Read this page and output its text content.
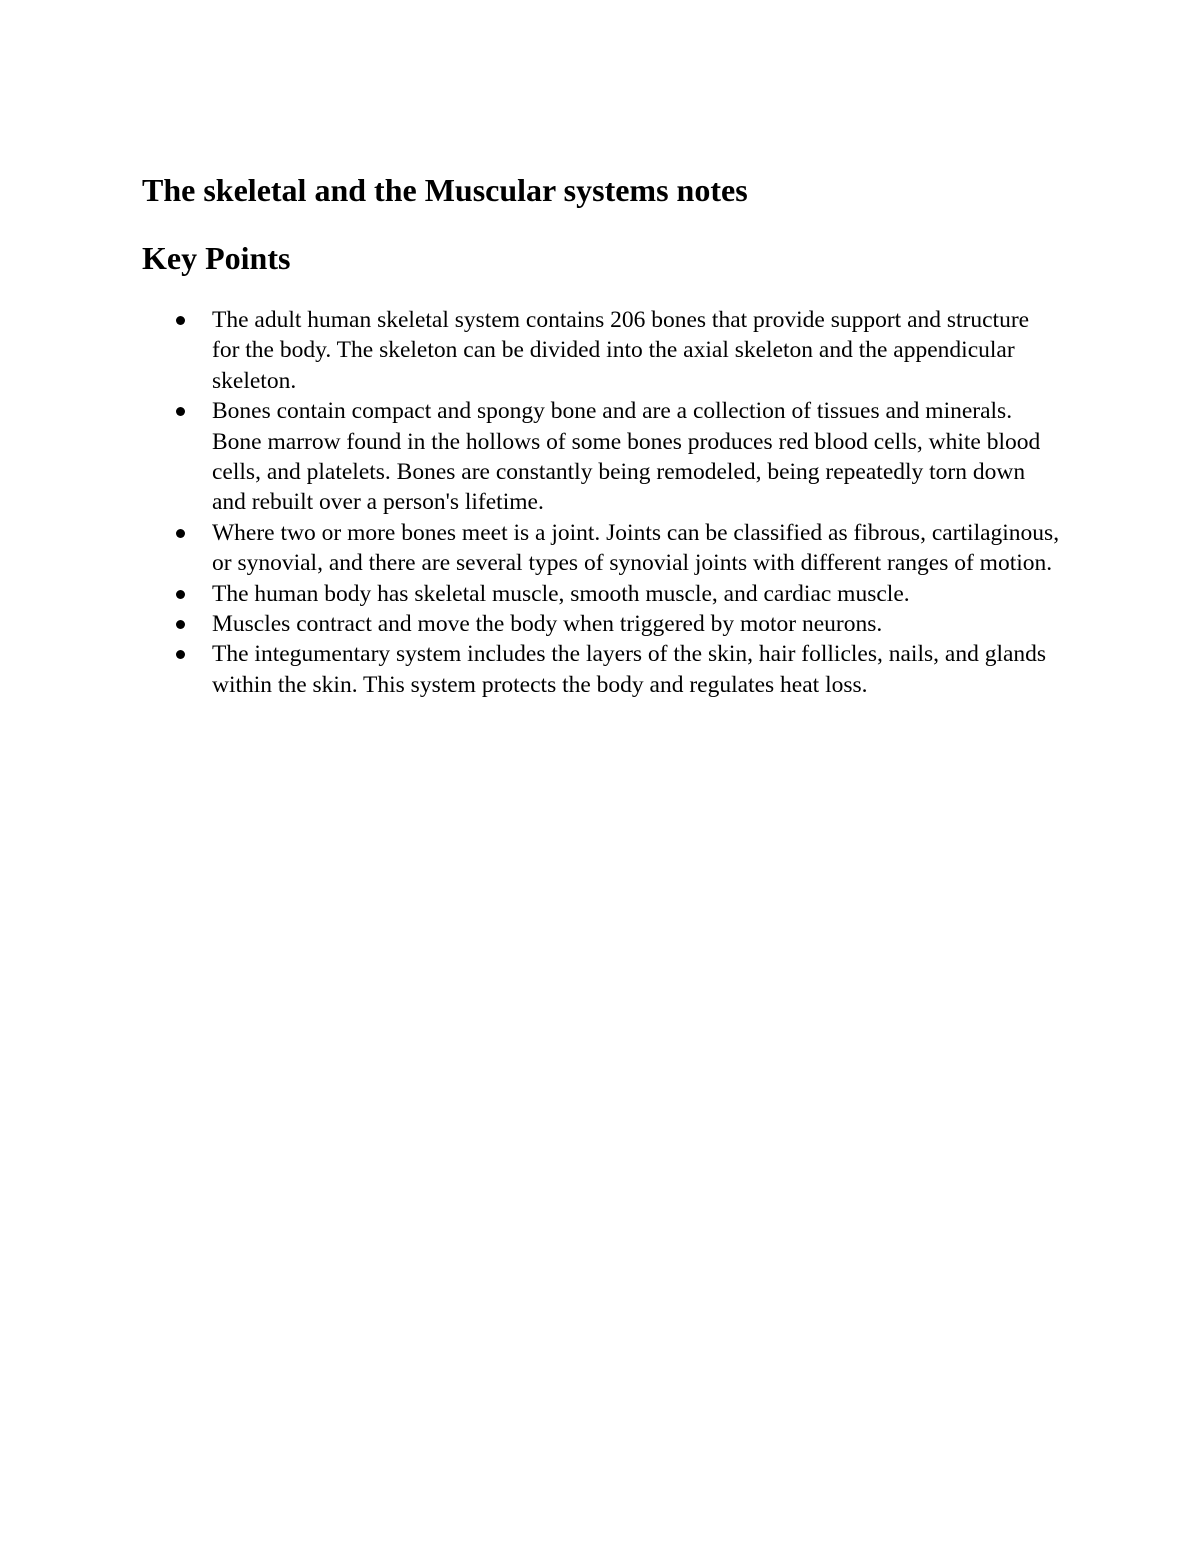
The skeletal and the Muscular systems notes
Key Points
The adult human skeletal system contains 206 bones that provide support and structure for the body. The skeleton can be divided into the axial skeleton and the appendicular skeleton.
Bones contain compact and spongy bone and are a collection of tissues and minerals. Bone marrow found in the hollows of some bones produces red blood cells, white blood cells, and platelets. Bones are constantly being remodeled, being repeatedly torn down and rebuilt over a person's lifetime.
Where two or more bones meet is a joint. Joints can be classified as fibrous, cartilaginous, or synovial, and there are several types of synovial joints with different ranges of motion.
The human body has skeletal muscle, smooth muscle, and cardiac muscle.
Muscles contract and move the body when triggered by motor neurons.
The integumentary system includes the layers of the skin, hair follicles, nails, and glands within the skin. This system protects the body and regulates heat loss.
